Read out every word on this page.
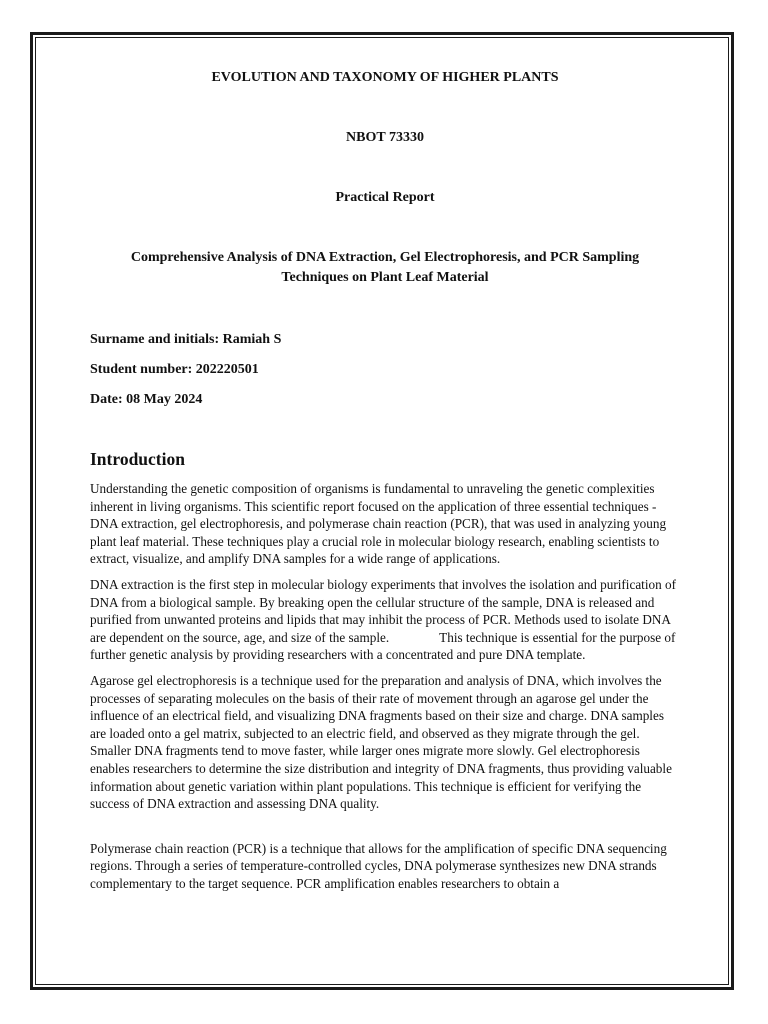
EVOLUTION AND TAXONOMY OF HIGHER PLANTS

NBOT 73330

Practical Report

Comprehensive Analysis of DNA Extraction, Gel Electrophoresis, and PCR Sampling

Techniques on Plant Leaf Material

Surname and initials: Ramiah S

Student number: 202220501

Date: 08 May 2024

Introduction

Understanding the genetic composition of organisms is fundamental to unraveling the genetic complexities inherent in living organisms. This scientific report focused on the application of three essential techniques - DNA extraction, gel electrophoresis, and polymerase chain reaction (PCR), that was used in analyzing young plant leaf material. These techniques play a crucial role in molecular biology research, enabling scientists to extract, visualize, and amplify DNA samples for a wide range of applications.

DNA extraction is the first step in molecular biology experiments that involves the isolation and purification of DNA from a biological sample. By breaking open the cellular structure of the sample, DNA is released and purified from unwanted proteins and lipids that may inhibit the process of PCR. Methods used to isolate DNA are dependent on the source, age, and size of the sample.	This technique is essential for the purpose of further genetic analysis by providing researchers with a concentrated and pure DNA template.

Agarose gel electrophoresis is a technique used for the preparation and analysis of DNA, which involves the processes of separating molecules on the basis of their rate of movement through an agarose gel under the influence of an electrical field, and visualizing DNA fragments based on their size and charge. DNA samples are loaded onto a gel matrix, subjected to an electric field, and observed as they migrate through the gel. Smaller DNA fragments tend to move faster, while larger ones migrate more slowly. Gel electrophoresis enables researchers to determine the size distribution and integrity of DNA fragments, thus providing valuable information about genetic variation within plant populations. This technique is efficient for verifying the success of DNA extraction and assessing DNA quality.

Polymerase chain reaction (PCR) is a technique that allows for the amplification of specific DNA sequencing regions. Through a series of temperature-controlled cycles, DNA polymerase synthesizes new DNA strands complementary to the target sequence. PCR amplification enables researchers to obtain a
